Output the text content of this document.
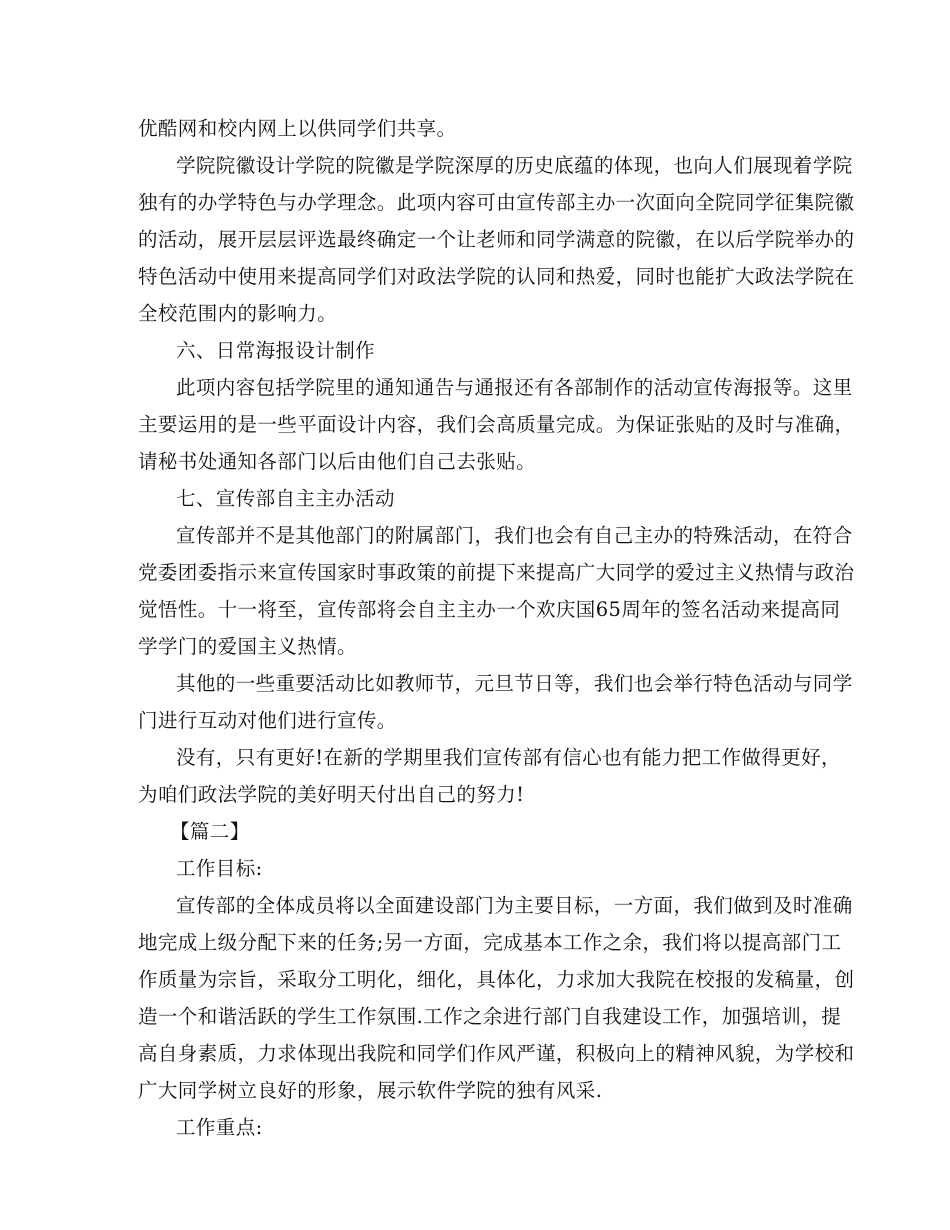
优酷网和校内网上以供同学们共享。
学院院徽设计学院的院徽是学院深厚的历史底蕴的体现，也向人们展现着学院
独有的办学特色与办学理念。此项内容可由宣传部主办一次面向全院同学征集院徽
的活动，展开层层评选最终确定一个让老师和同学满意的院徽，在以后学院举办的
特色活动中使用来提高同学们对政法学院的认同和热爱，同时也能扩大政法学院在
全校范围内的影响力。
六、日常海报设计制作
此项内容包括学院里的通知通告与通报还有各部制作的活动宣传海报等。这里
主要运用的是一些平面设计内容，我们会高质量完成。为保证张贴的及时与准确，
请秘书处通知各部门以后由他们自己去张贴。
七、宣传部自主主办活动
宣传部并不是其他部门的附属部门，我们也会有自己主办的特殊活动，在符合
党委团委指示来宣传国家时事政策的前提下来提高广大同学的爱过主义热情与政治
觉悟性。十一将至，宣传部将会自主主办一个欢庆国65周年的签名活动来提高同
学学门的爱国主义热情。
其他的一些重要活动比如教师节，元旦节日等，我们也会举行特色活动与同学
门进行互动对他们进行宣传。
没有，只有更好!在新的学期里我们宣传部有信心也有能力把工作做得更好，
为咱们政法学院的美好明天付出自己的努力!
【篇二】
工作目标:
宣传部的全体成员将以全面建设部门为主要目标，一方面，我们做到及时准确
地完成上级分配下来的任务;另一方面，完成基本工作之余，我们将以提高部门工
作质量为宗旨，采取分工明化，细化，具体化，力求加大我院在校报的发稿量，创
造一个和谐活跃的学生工作氛围.工作之余进行部门自我建设工作，加强培训，提
高自身素质，力求体现出我院和同学们作风严谨，积极向上的精神风貌，为学校和
广大同学树立良好的形象，展示软件学院的独有风采.
工作重点:
